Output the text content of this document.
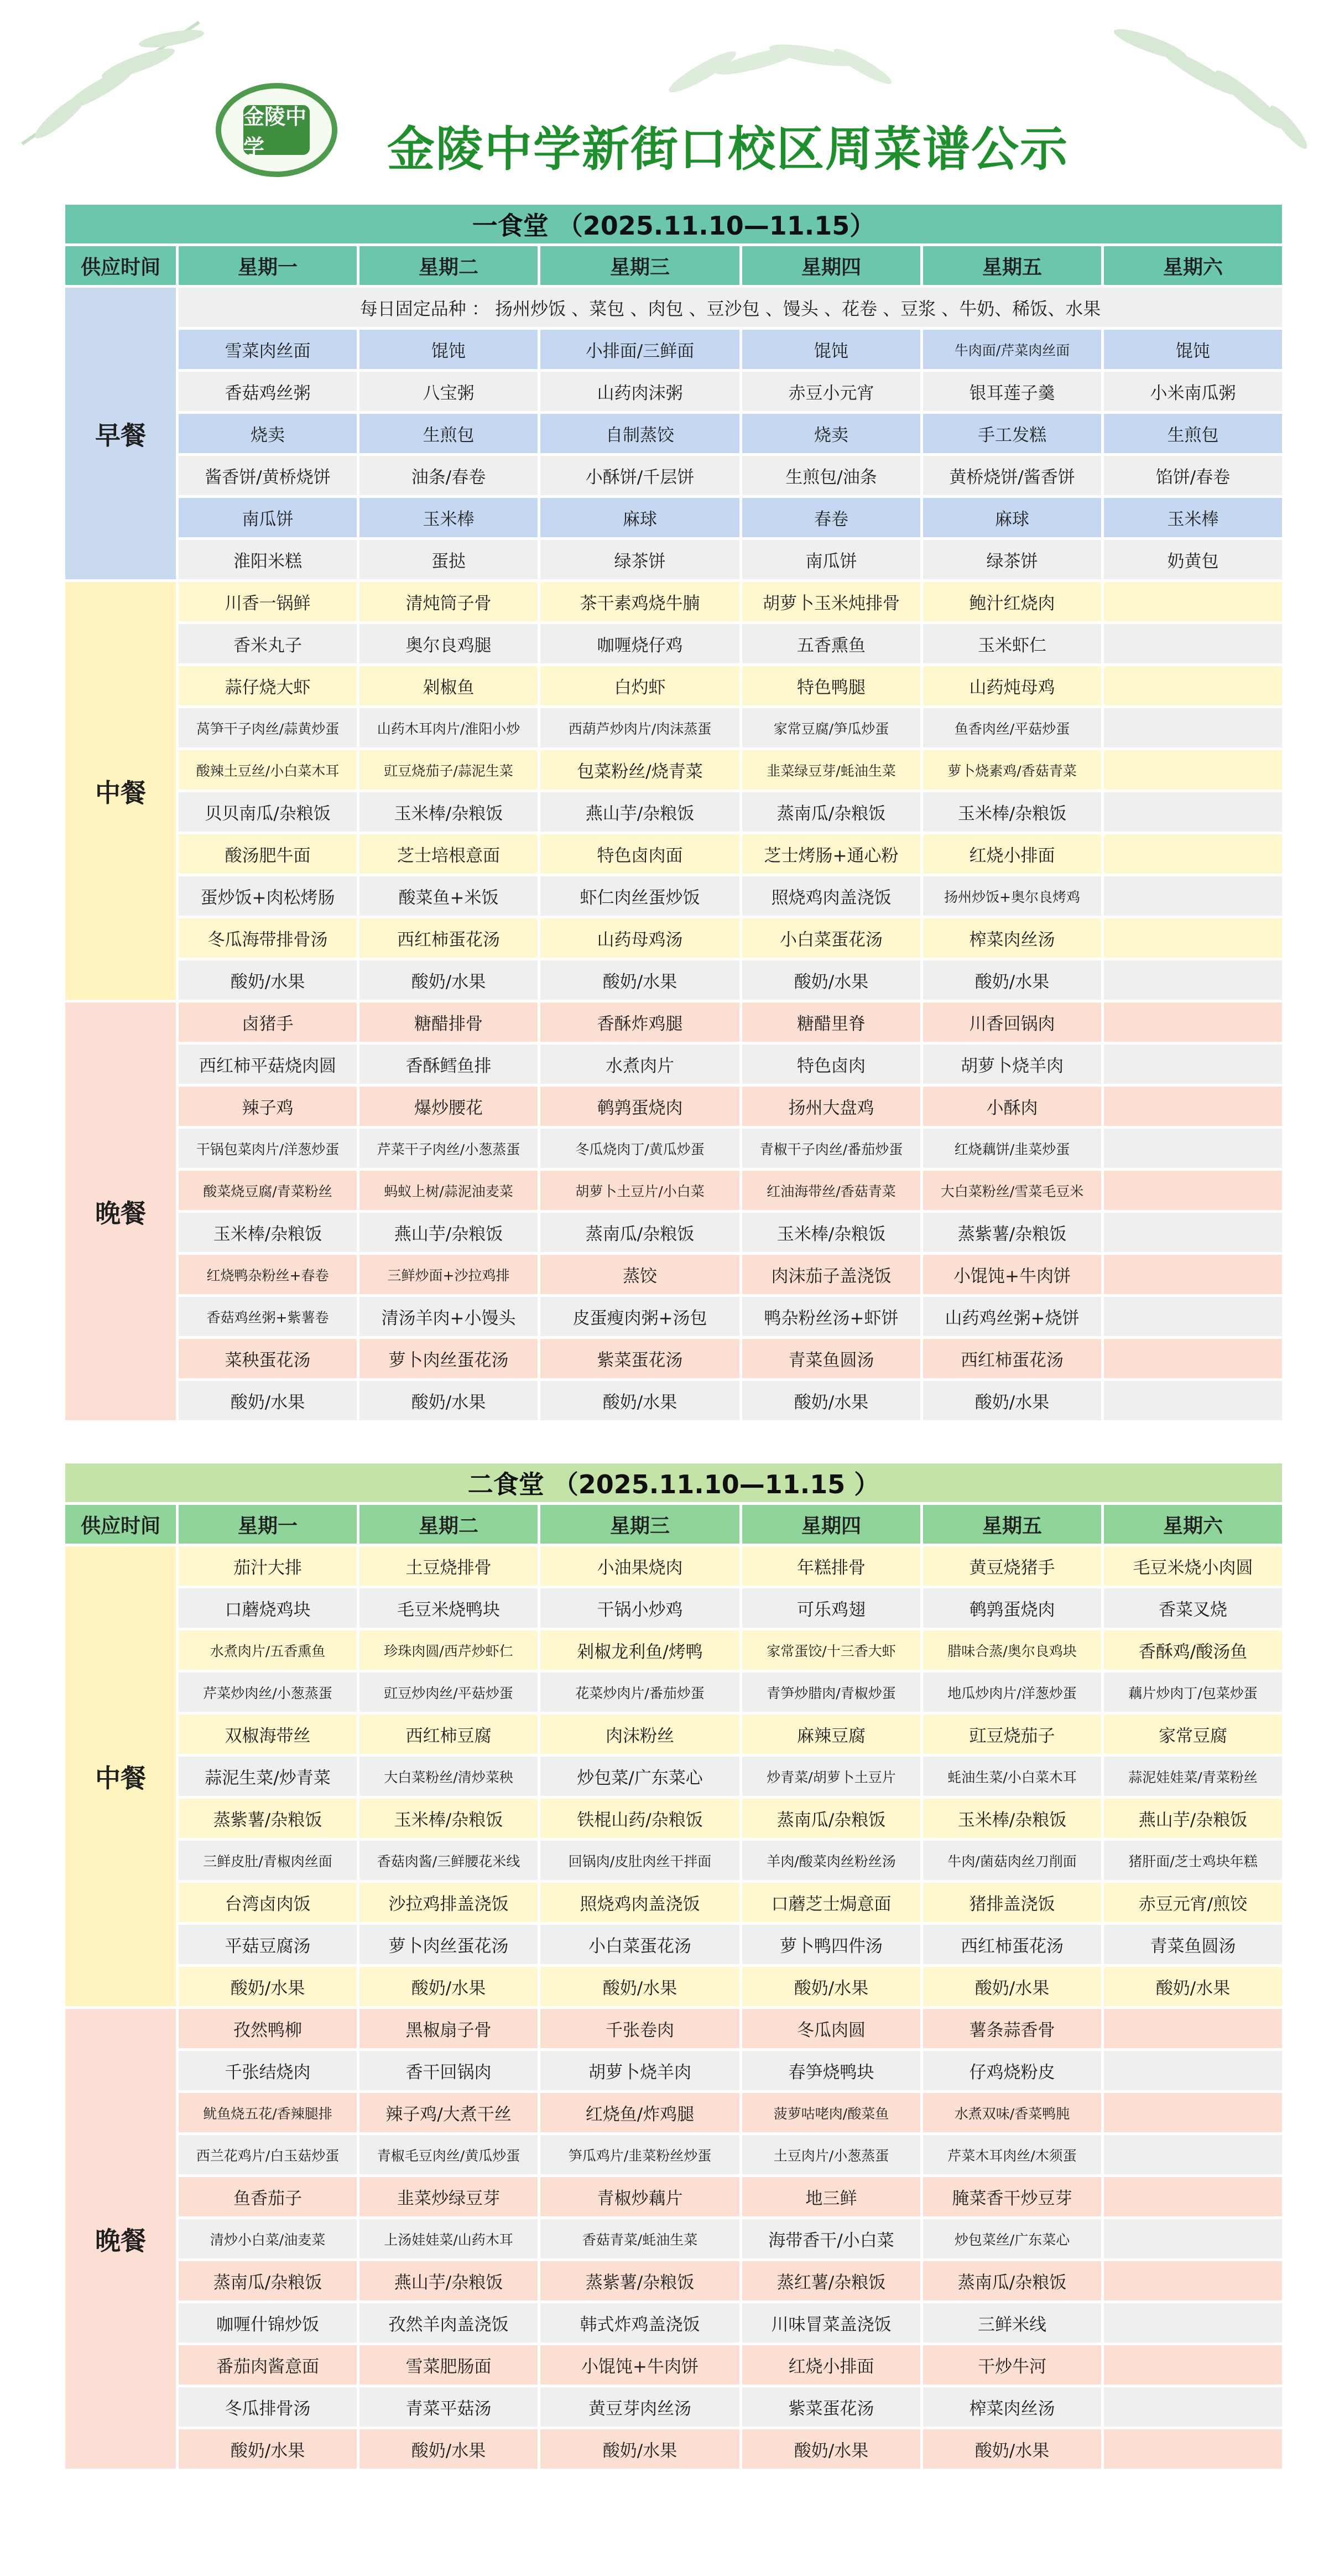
金陵中学	金陵中学新街口校区周菜谱公示
一食堂 （2025.11.10—11.15）						
供应时间	星期一	星期二	星期三	星期四	星期五	星期六
早餐	每日固定品种 ： 扬州炒饭 、菜包 、肉包 、豆沙包 、馒头 、花卷 、豆浆 、牛奶、稀饭、水果					
	雪菜肉丝面	馄饨	小排面/三鲜面	馄饨	牛肉面/芹菜肉丝面	馄饨
	香菇鸡丝粥	八宝粥	山药肉沫粥	赤豆小元宵	银耳莲子羹	小米南瓜粥
	烧卖	生煎包	自制蒸饺	烧卖	手工发糕	生煎包
	酱香饼/黄桥烧饼	油条/春卷	小酥饼/千层饼	生煎包/油条	黄桥烧饼/酱香饼	馅饼/春卷
	南瓜饼	玉米棒	麻球	春卷	麻球	玉米棒
	淮阳米糕	蛋挞	绿茶饼	南瓜饼	绿茶饼	奶黄包
中餐	川香一锅鲜	清炖筒子骨	茶干素鸡烧牛腩	胡萝卜玉米炖排骨	鲍汁红烧肉	
	香米丸子	奥尔良鸡腿	咖喱烧仔鸡	五香熏鱼	玉米虾仁	
	蒜仔烧大虾	剁椒鱼	白灼虾	特色鸭腿	山药炖母鸡	
	莴笋干子肉丝/蒜黄炒蛋	山药木耳肉片/淮阳小炒	西葫芦炒肉片/肉沫蒸蛋	家常豆腐/笋瓜炒蛋	鱼香肉丝/平菇炒蛋	
	酸辣土豆丝/小白菜木耳	豇豆烧茄子/蒜泥生菜	包菜粉丝/烧青菜	韭菜绿豆芽/蚝油生菜	萝卜烧素鸡/香菇青菜	
	贝贝南瓜/杂粮饭	玉米棒/杂粮饭	燕山芋/杂粮饭	蒸南瓜/杂粮饭	玉米棒/杂粮饭	
	酸汤肥牛面	芝士培根意面	特色卤肉面	芝士烤肠+通心粉	红烧小排面	
	蛋炒饭+肉松烤肠	酸菜鱼+米饭	虾仁肉丝蛋炒饭	照烧鸡肉盖浇饭	扬州炒饭+奥尔良烤鸡	
	冬瓜海带排骨汤	西红柿蛋花汤	山药母鸡汤	小白菜蛋花汤	榨菜肉丝汤	
	酸奶/水果	酸奶/水果	酸奶/水果	酸奶/水果	酸奶/水果	
晚餐	卤猪手	糖醋排骨	香酥炸鸡腿	糖醋里脊	川香回锅肉	
	西红柿平菇烧肉圆	香酥鳕鱼排	水煮肉片	特色卤肉	胡萝卜烧羊肉	
	辣子鸡	爆炒腰花	鹌鹑蛋烧肉	扬州大盘鸡	小酥肉	
	干锅包菜肉片/洋葱炒蛋	芹菜干子肉丝/小葱蒸蛋	冬瓜烧肉丁/黄瓜炒蛋	青椒干子肉丝/番茄炒蛋	红烧藕饼/韭菜炒蛋	
	酸菜烧豆腐/青菜粉丝	蚂蚁上树/蒜泥油麦菜	胡萝卜土豆片/小白菜	红油海带丝/香菇青菜	大白菜粉丝/雪菜毛豆米	
	玉米棒/杂粮饭	燕山芋/杂粮饭	蒸南瓜/杂粮饭	玉米棒/杂粮饭	蒸紫薯/杂粮饭	
	红烧鸭杂粉丝+春卷	三鲜炒面+沙拉鸡排	蒸饺	肉沫茄子盖浇饭	小馄饨+牛肉饼	
	香菇鸡丝粥+紫薯卷	清汤羊肉+小馒头	皮蛋瘦肉粥+汤包	鸭杂粉丝汤+虾饼	山药鸡丝粥+烧饼	
	菜秧蛋花汤	萝卜肉丝蛋花汤	紫菜蛋花汤	青菜鱼圆汤	西红柿蛋花汤	
	酸奶/水果	酸奶/水果	酸奶/水果	酸奶/水果	酸奶/水果	
二食堂 （2025.11.10—11.15 ）						
供应时间	星期一	星期二	星期三	星期四	星期五	星期六
中餐	茄汁大排	土豆烧排骨	小油果烧肉	年糕排骨	黄豆烧猪手	毛豆米烧小肉圆
	口蘑烧鸡块	毛豆米烧鸭块	干锅小炒鸡	可乐鸡翅	鹌鹑蛋烧肉	香菜叉烧
	水煮肉片/五香熏鱼	珍珠肉圆/西芹炒虾仁	剁椒龙利鱼/烤鸭	家常蛋饺/十三香大虾	腊味合蒸/奥尔良鸡块	香酥鸡/酸汤鱼
	芹菜炒肉丝/小葱蒸蛋	豇豆炒肉丝/平菇炒蛋	花菜炒肉片/番茄炒蛋	青笋炒腊肉/青椒炒蛋	地瓜炒肉片/洋葱炒蛋	藕片炒肉丁/包菜炒蛋
	双椒海带丝	西红柿豆腐	肉沫粉丝	麻辣豆腐	豇豆烧茄子	家常豆腐
	蒜泥生菜/炒青菜	大白菜粉丝/清炒菜秧	炒包菜/广东菜心	炒青菜/胡萝卜土豆片	蚝油生菜/小白菜木耳	蒜泥娃娃菜/青菜粉丝
	蒸紫薯/杂粮饭	玉米棒/杂粮饭	铁棍山药/杂粮饭	蒸南瓜/杂粮饭	玉米棒/杂粮饭	燕山芋/杂粮饭
	三鲜皮肚/青椒肉丝面	香菇肉酱/三鲜腰花米线	回锅肉/皮肚肉丝干拌面	羊肉/酸菜肉丝粉丝汤	牛肉/菌菇肉丝刀削面	猪肝面/芝士鸡块年糕
	台湾卤肉饭	沙拉鸡排盖浇饭	照烧鸡肉盖浇饭	口蘑芝士焗意面	猪排盖浇饭	赤豆元宵/煎饺
	平菇豆腐汤	萝卜肉丝蛋花汤	小白菜蛋花汤	萝卜鸭四件汤	西红柿蛋花汤	青菜鱼圆汤
	酸奶/水果	酸奶/水果	酸奶/水果	酸奶/水果	酸奶/水果	酸奶/水果
晚餐	孜然鸭柳	黑椒扇子骨	千张卷肉	冬瓜肉圆	薯条蒜香骨	
	千张结烧肉	香干回锅肉	胡萝卜烧羊肉	春笋烧鸭块	仔鸡烧粉皮	
	鱿鱼烧五花/香辣腿排	辣子鸡/大煮干丝	红烧鱼/炸鸡腿	菠萝咕咾肉/酸菜鱼	水煮双味/香菜鸭肫	
	西兰花鸡片/白玉菇炒蛋	青椒毛豆肉丝/黄瓜炒蛋	笋瓜鸡片/韭菜粉丝炒蛋	土豆肉片/小葱蒸蛋	芹菜木耳肉丝/木须蛋	
	鱼香茄子	韭菜炒绿豆芽	青椒炒藕片	地三鲜	腌菜香干炒豆芽	
	清炒小白菜/油麦菜	上汤娃娃菜/山药木耳	香菇青菜/蚝油生菜	海带香干/小白菜	炒包菜丝/广东菜心	
	蒸南瓜/杂粮饭	燕山芋/杂粮饭	蒸紫薯/杂粮饭	蒸红薯/杂粮饭	蒸南瓜/杂粮饭	
	咖喱什锦炒饭	孜然羊肉盖浇饭	韩式炸鸡盖浇饭	川味冒菜盖浇饭	三鲜米线	
	番茄肉酱意面	雪菜肥肠面	小馄饨+牛肉饼	红烧小排面	干炒牛河	
	冬瓜排骨汤	青菜平菇汤	黄豆芽肉丝汤	紫菜蛋花汤	榨菜肉丝汤	
	酸奶/水果	酸奶/水果	酸奶/水果	酸奶/水果	酸奶/水果	
